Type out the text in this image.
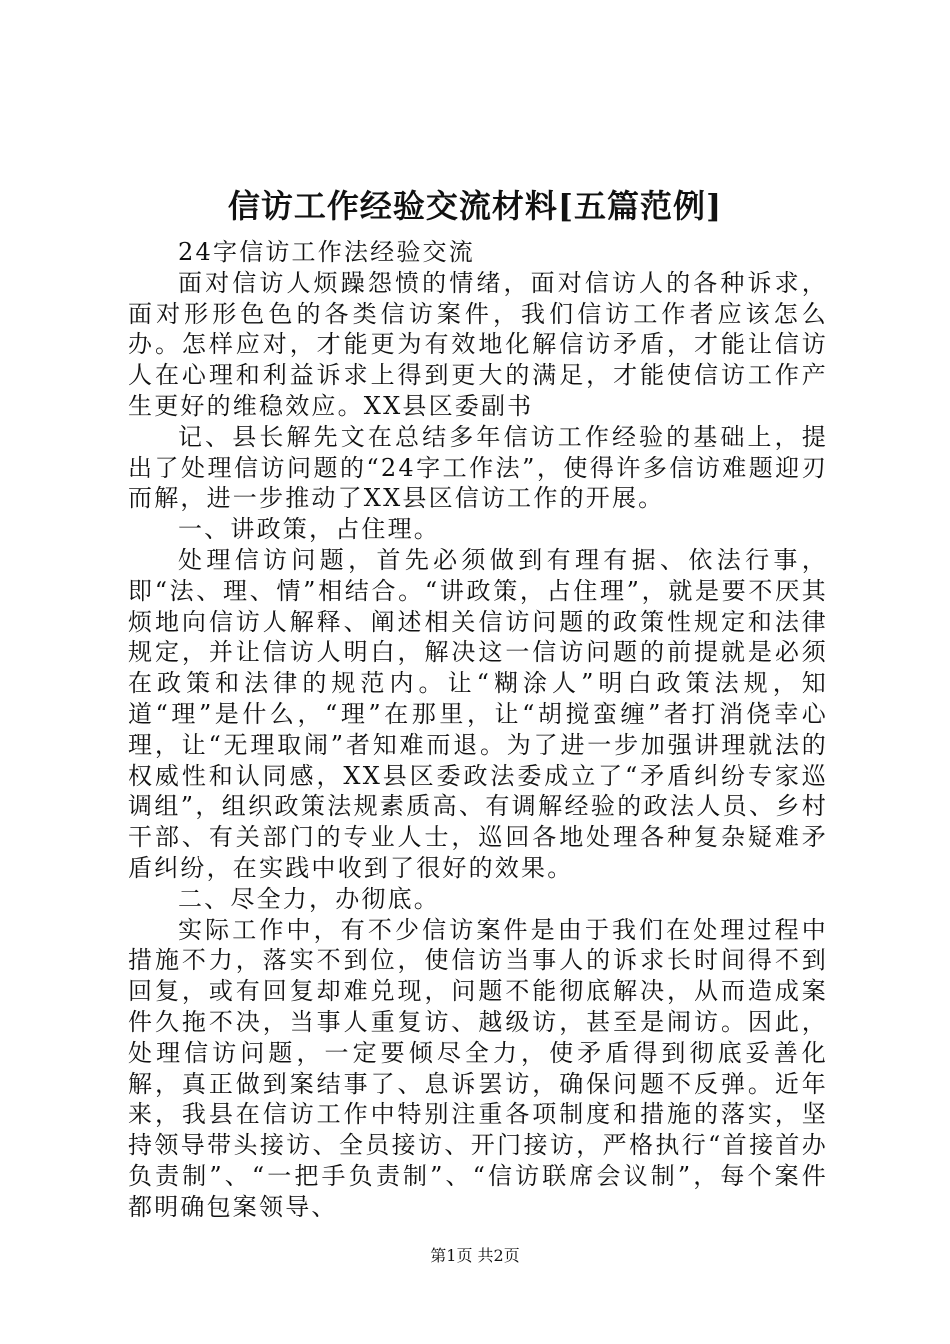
信访工作经验交流材料[五篇范例]

24字信访工作法经验交流

面对信访人烦躁怨愤的情绪，面对信访人的各种诉求，面对形形色色的各类信访案件，我们信访工作者应该怎么办。怎样应对，才能更为有效地化解信访矛盾，才能让信访人在心理和利益诉求上得到更大的满足，才能使信访工作产生更好的维稳效应。XX县区委副书

记、县长解先文在总结多年信访工作经验的基础上，提出了处理信访问题的“24字工作法”，使得许多信访难题迎刃而解，进一步推动了XX县区信访工作的开展。

一、讲政策，占住理。

处理信访问题，首先必须做到有理有据、依法行事，即“法、理、情”相结合。“讲政策，占住理”，就是要不厌其烦地向信访人解释、阐述相关信访问题的政策性规定和法律规定，并让信访人明白，解决这一信访问题的前提就是必须在政策和法律的规范内。让“糊涂人”明白政策法规，知道“理”是什么，“理”在那里，让“胡搅蛮缠”者打消侥幸心理，让“无理取闹”者知难而退。为了进一步加强讲理就法的权威性和认同感，XX县区委政法委成立了“矛盾纠纷专家巡调组”，组织政策法规素质高、有调解经验的政法人员、乡村干部、有关部门的专业人士，巡回各地处理各种复杂疑难矛盾纠纷，在实践中收到了很好的效果。

二、尽全力，办彻底。

实际工作中，有不少信访案件是由于我们在处理过程中措施不力，落实不到位，使信访当事人的诉求长时间得不到回复，或有回复却难兑现，问题不能彻底解决，从而造成案件久拖不决，当事人重复访、越级访，甚至是闹访。因此，处理信访问题，一定要倾尽全力，使矛盾得到彻底妥善化解，真正做到案结事了、息诉罢访，确保问题不反弹。近年来，我县在信访工作中特别注重各项制度和措施的落实，坚持领导带头接访、全员接访、开门接访，严格执行“首接首办负责制”、“一把手负责制”、“信访联席会议制”，每个案件都明确包案领导、

第1页 共2页
